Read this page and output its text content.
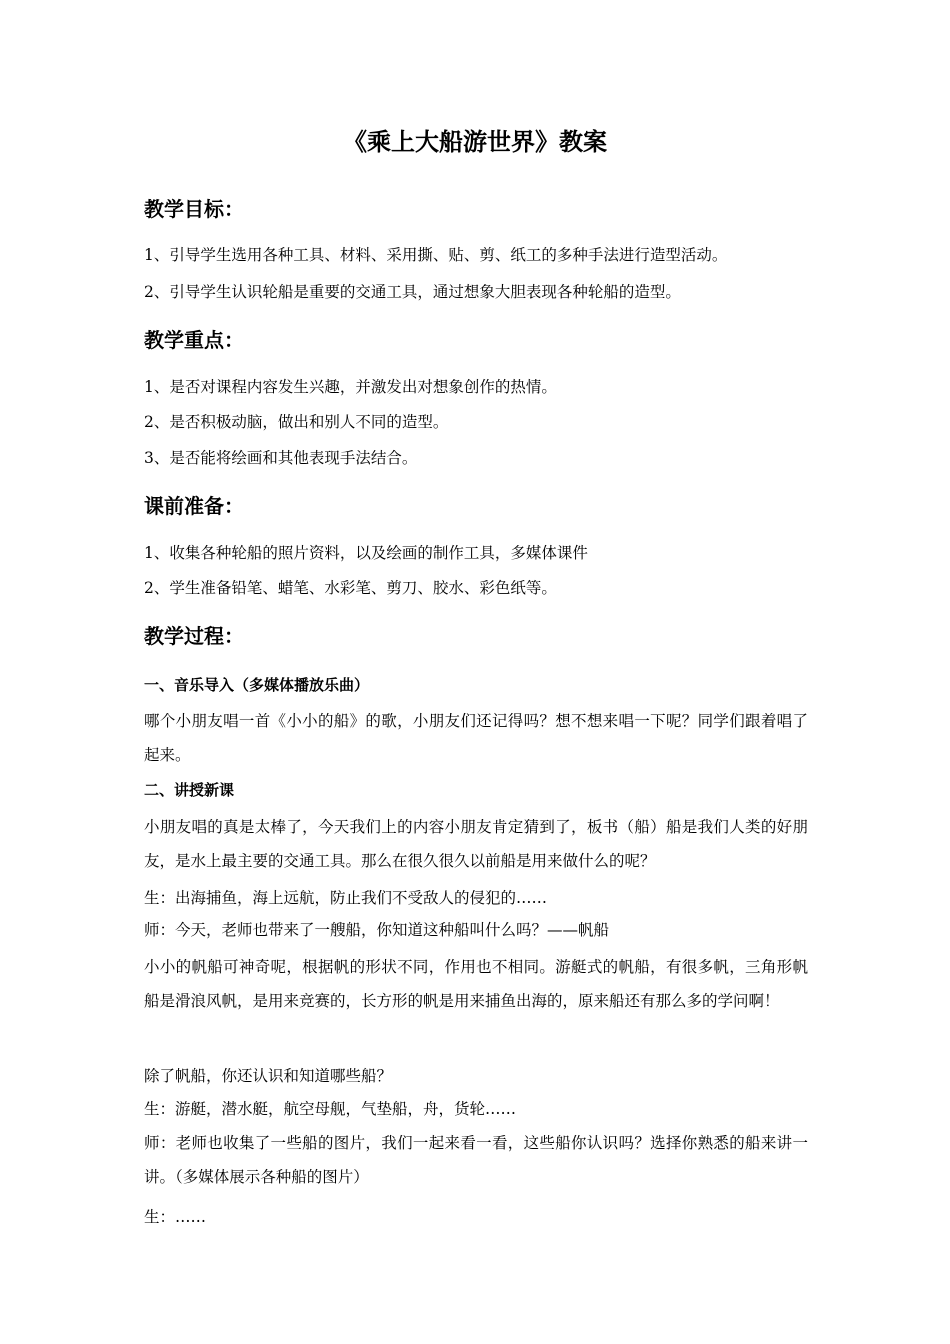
《乘上大船游世界》教案
教学目标：
1、引导学生选用各种工具、材料、采用撕、贴、剪、纸工的多种手法进行造型活动。
2、引导学生认识轮船是重要的交通工具，通过想象大胆表现各种轮船的造型。
教学重点：
1、是否对课程内容发生兴趣，并激发出对想象创作的热情。
2、是否积极动脑，做出和别人不同的造型。
3、是否能将绘画和其他表现手法结合。
课前准备：
1、收集各种轮船的照片资料，以及绘画的制作工具，多媒体课件
2、学生准备铅笔、蜡笔、水彩笔、剪刀、胶水、彩色纸等。
教学过程：
一、音乐导入（多媒体播放乐曲）
哪个小朋友唱一首《小小的船》的歌，小朋友们还记得吗？想不想来唱一下呢？同学们跟着唱了起来。
二、讲授新课
小朋友唱的真是太棒了，今天我们上的内容小朋友肯定猜到了，板书（船）船是我们人类的好朋友，是水上最主要的交通工具。那么在很久很久以前船是用来做什么的呢？
生：出海捕鱼，海上远航，防止我们不受敌人的侵犯的……
师：今天，老师也带来了一艘船，你知道这种船叫什么吗？——帆船
小小的帆船可神奇呢，根据帆的形状不同，作用也不相同。游艇式的帆船，有很多帆，三角形帆船是滑浪风帆，是用来竞赛的，长方形的帆是用来捕鱼出海的，原来船还有那么多的学问啊！
除了帆船，你还认识和知道哪些船？
生：游艇，潜水艇，航空母舰，气垫船，舟，货轮……
师：老师也收集了一些船的图片，我们一起来看一看，这些船你认识吗？选择你熟悉的船来讲一讲。（多媒体展示各种船的图片）
生：……
